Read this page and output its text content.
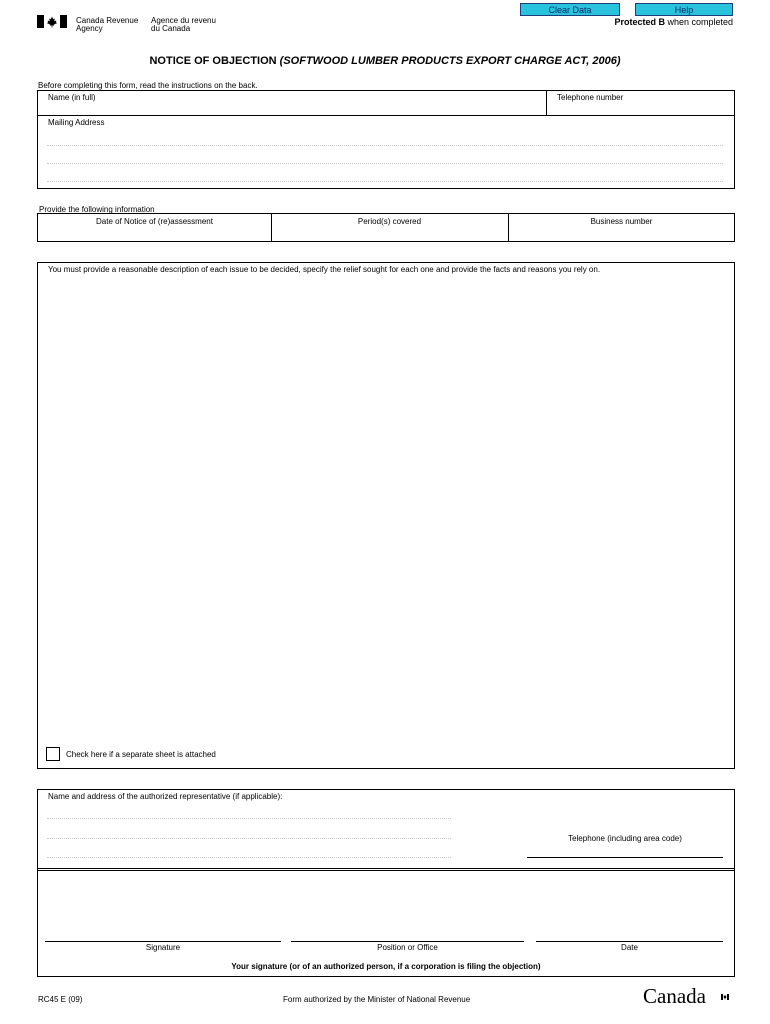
Clear Data	Help
Canada Revenue
Agency
Agence du revenu
du Canada
Protected B when completed
NOTICE OF OBJECTION (SOFTWOOD LUMBER PRODUCTS EXPORT CHARGE ACT, 2006)
Before completing this form, read the instructions on the back.
Name (in full)	Telephone number
Mailing Address
Provide the following information
Date of Notice of (re)assessment	Period(s) covered	Business number
You must provide a reasonable description of each issue to be decided, specify the relief sought for each one and provide the facts and reasons you rely on.
Check here if a separate sheet is attached
Name and address of the authorized representative (if applicable):
Telephone (including area code)
Signature	Position or Office	Date
Your signature (or of an authorized person, if a corporation is filing the objection)
RC45 E (09)	Form authorized by the Minister of National Revenue	Canada
